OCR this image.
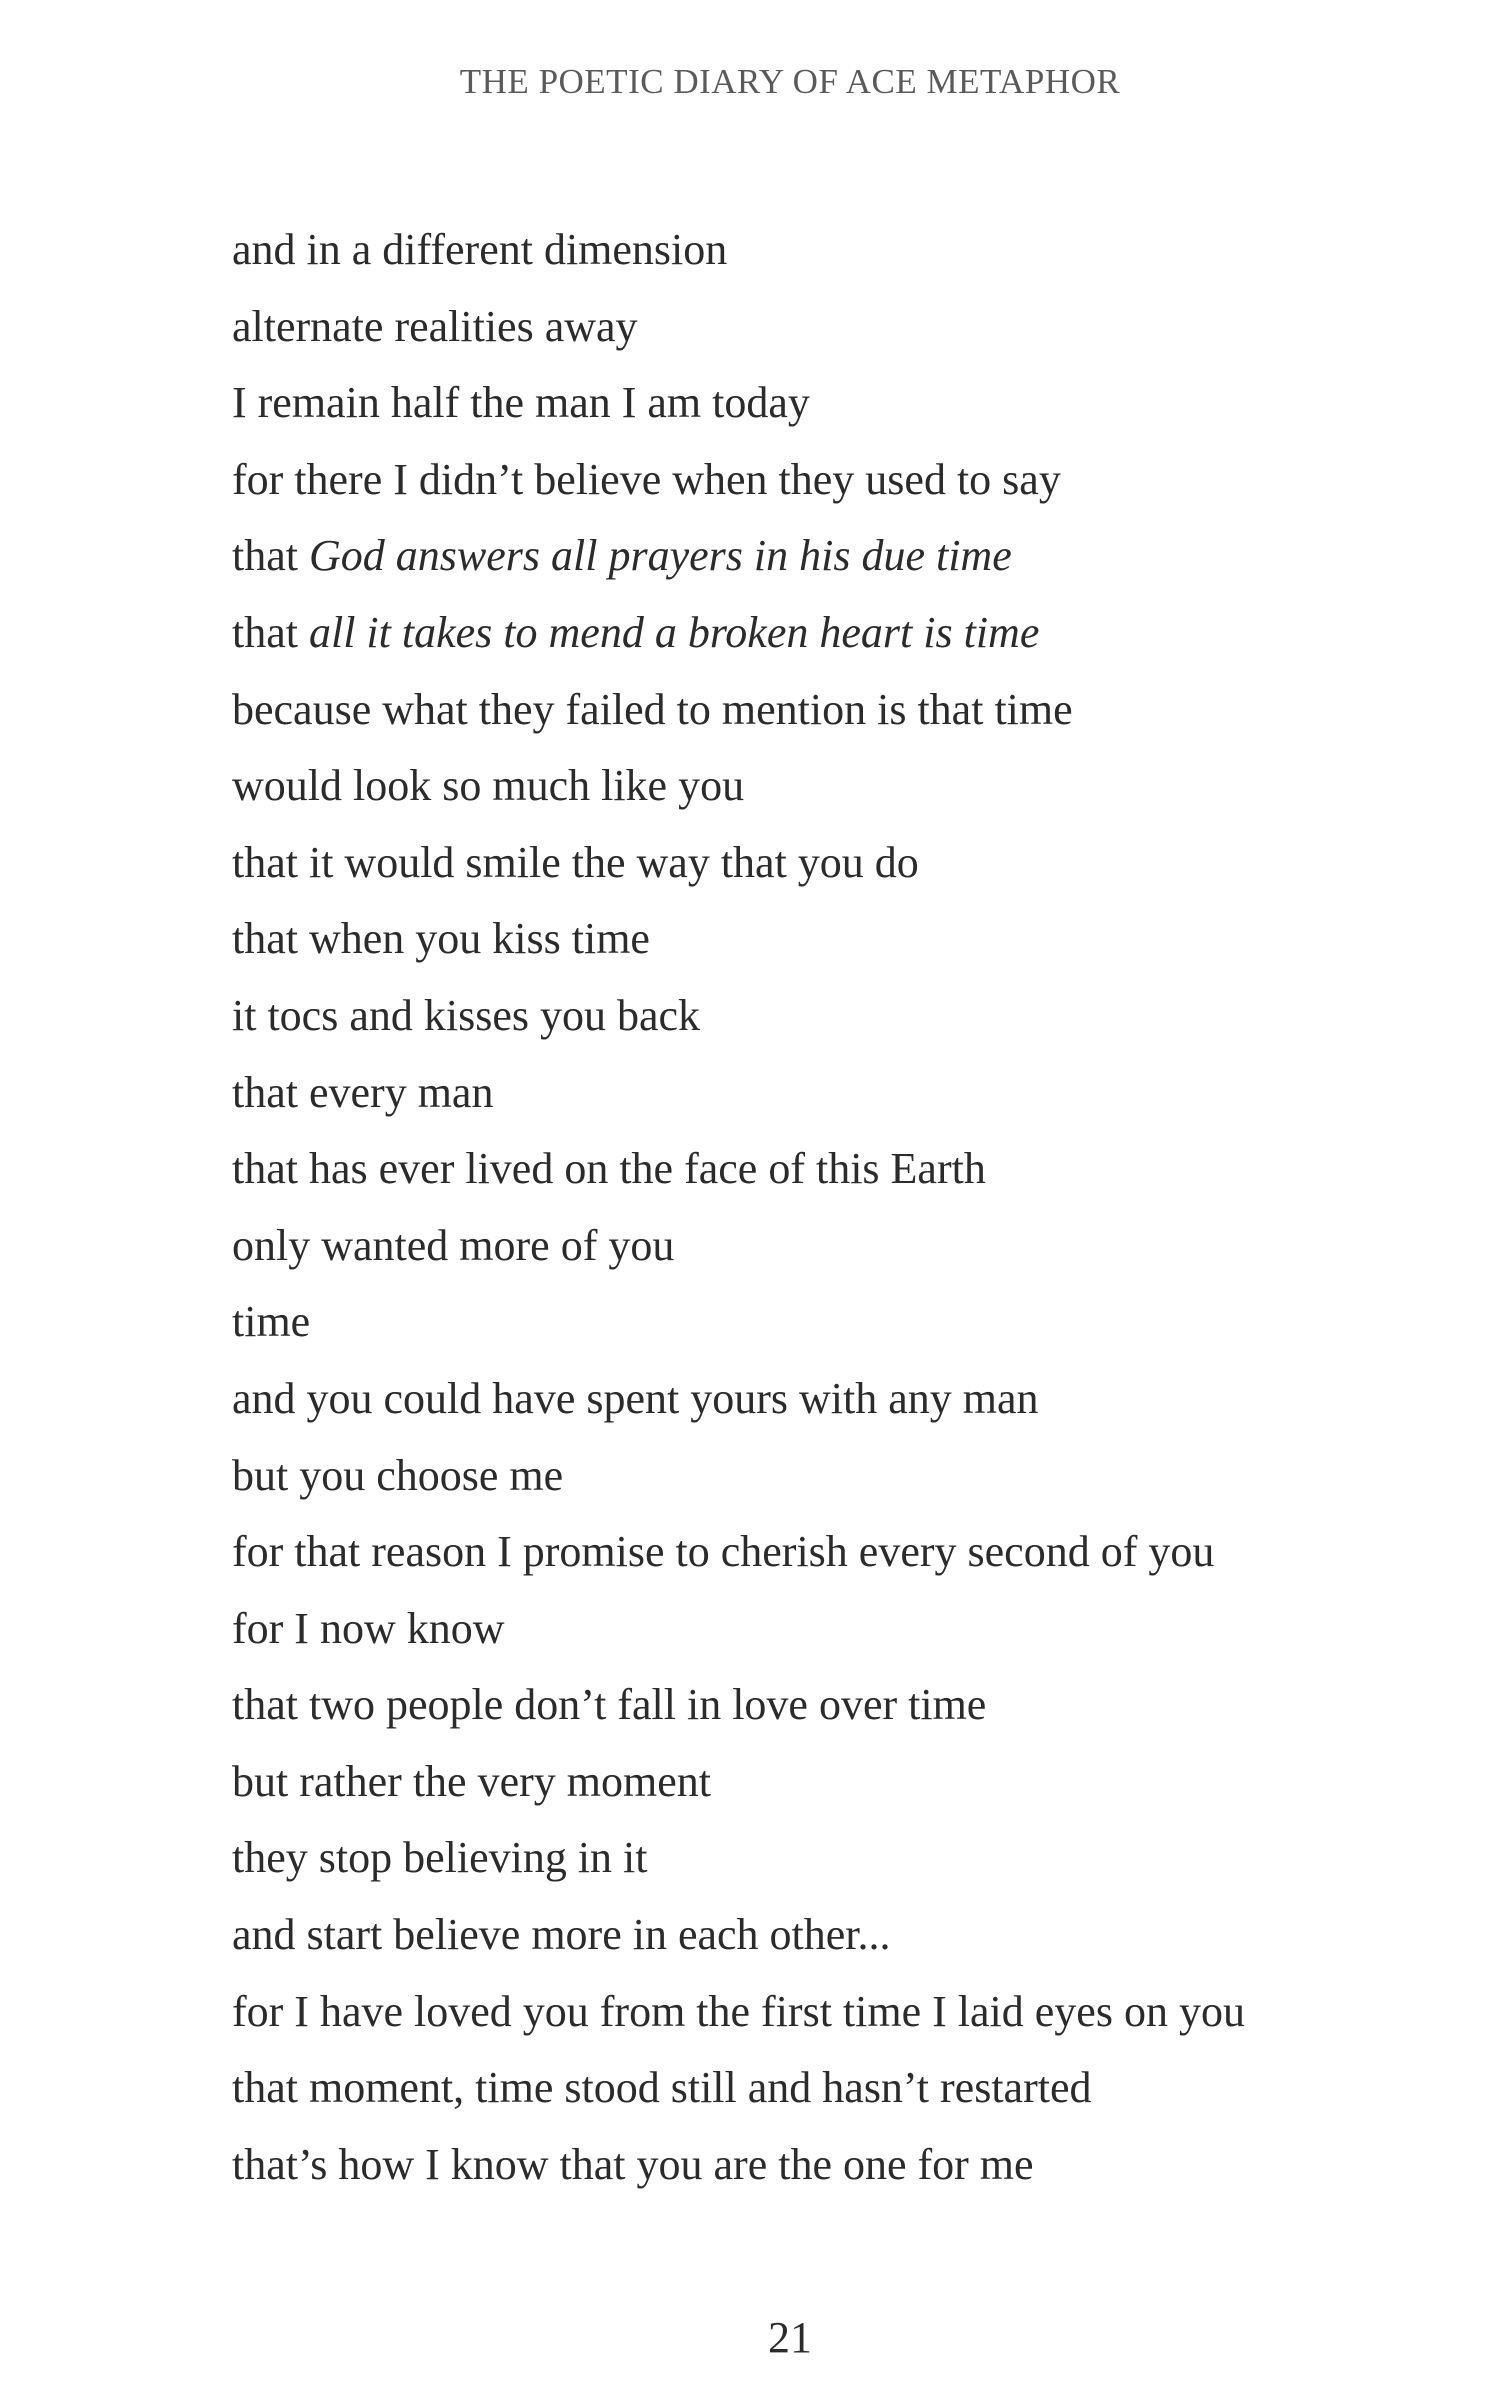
THE POETIC DIARY OF ACE METAPHOR
and in a different dimension
alternate realities away
I remain half the man I am today
for there I didn’t believe when they used to say
that God answers all prayers in his due time
that all it takes to mend a broken heart is time
because what they failed to mention is that time
would look so much like you
that it would smile the way that you do
that when you kiss time
it tocs and kisses you back
that every man
that has ever lived on the face of this Earth
only wanted more of you
time
and you could have spent yours with any man
but you choose me
for that reason I promise to cherish every second of you
for I now know
that two people don’t fall in love over time
but rather the very moment
they stop believing in it
and start believe more in each other...
for I have loved you from the first time I laid eyes on you
that moment, time stood still and hasn’t restarted
that’s how I know that you are the one for me
21
